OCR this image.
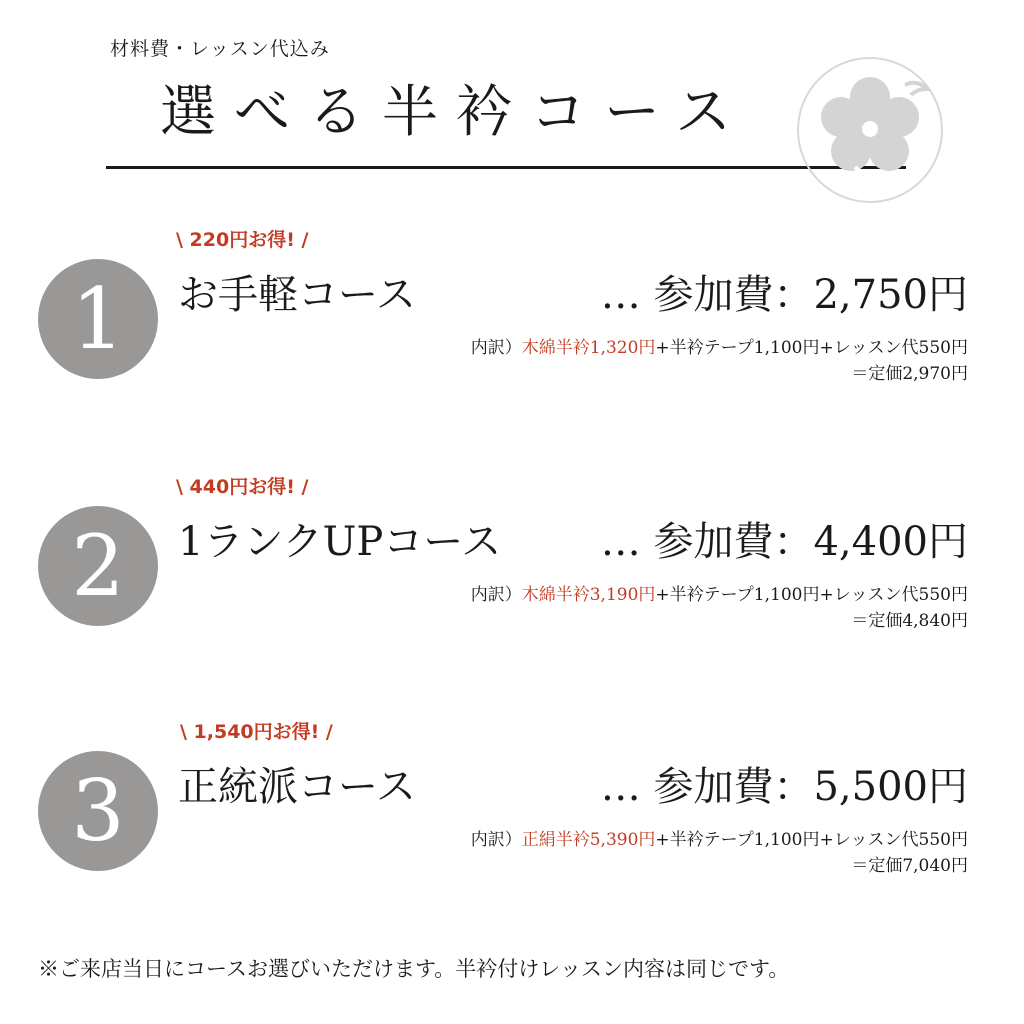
材料費・レッスン代込み
選べる半衿コース
1
\ 220円お得! /
お手軽コース	… 参加費：2,750円
内訳）木綿半衿1,320円+半衿テープ1,100円+レッスン代550円
＝定価2,970円
2
\ 440円お得! /
1ランクUPコース … 参加費：4,400円
内訳）木綿半衿3,190円+半衿テープ1,100円+レッスン代550円
＝定価4,840円
3
\ 1,540円お得! /
正統派コース	… 参加費：5,500円
内訳）正絹半衿5,390円+半衿テープ1,100円+レッスン代550円
＝定価7,040円
※ご来店当日にコースお選びいただけます。半衿付けレッスン内容は同じです。
